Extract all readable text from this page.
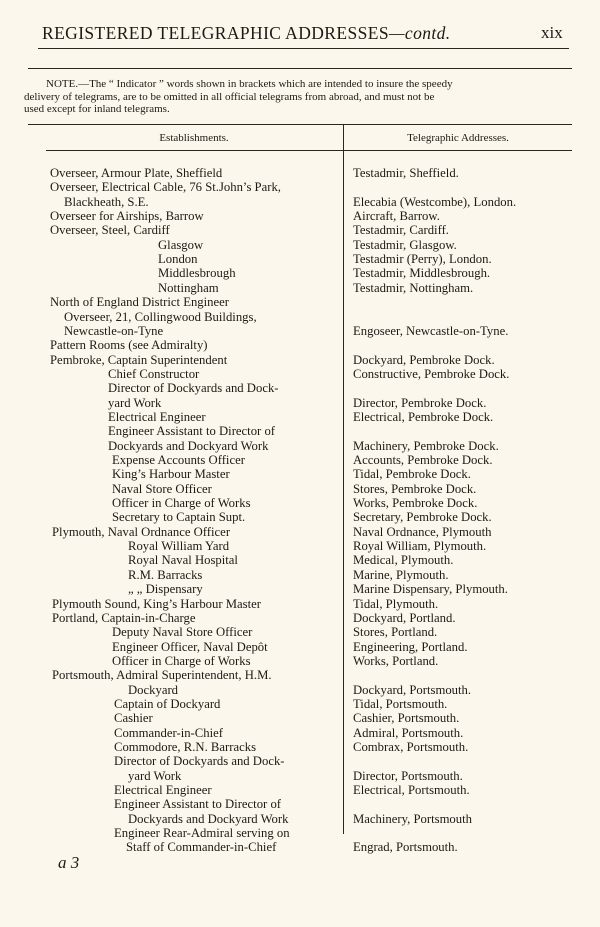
REGISTERED TELEGRAPHIC ADDRESSES—contd.	xix

NOTE.—The “ Indicator ” words shown in brackets which are intended to insure the speedy

delivery of telegrams, are to be omitted in all official telegrams from abroad, and must not be

used except for inland telegrams.

Establishments.	Telegraphic Addresses.
Overseer, Armour Plate, Sheffield
Overseer, Electrical Cable, 76 St.John’s Park,
Blackheath, S.E.
Overseer for Airships, Barrow
Overseer, Steel, Cardiff
Glasgow
London
Middlesbrough
Nottingham
North of England District Engineer
Overseer, 21, Collingwood Buildings,
Newcastle-on-Tyne
Pattern Rooms (see Admiralty)
Pembroke, Captain Superintendent
Chief Constructor
Director of Dockyards and Dock-
yard Work
Electrical Engineer
Engineer Assistant to Director of
Dockyards and Dockyard Work
Expense Accounts Officer
King’s Harbour Master
Naval Store Officer
Officer in Charge of Works
Secretary to Captain Supt.
Plymouth, Naval Ordnance Officer
Royal William Yard
Royal Naval Hospital
R.M. Barracks
„ „ Dispensary
Plymouth Sound, King’s Harbour Master
Portland, Captain-in-Charge
Deputy Naval Store Officer
Engineer Officer, Naval Depôt
Officer in Charge of Works
Portsmouth, Admiral Superintendent, H.M.
Dockyard
Captain of Dockyard
Cashier
Commander-in-Chief
Commodore, R.N. Barracks
Director of Dockyards and Dock-
yard Work
Electrical Engineer
Engineer Assistant to Director of
Dockyards and Dockyard Work
Engineer Rear-Admiral serving on
Staff of Commander-in-Chief
Testadmir, Sheffield.
Elecabia (Westcombe), London.
Aircraft, Barrow.
Testadmir, Cardiff.
Testadmir, Glasgow.
Testadmir (Perry), London.
Testadmir, Middlesbrough.
Testadmir, Nottingham.
Engoseer, Newcastle-on-Tyne.
Dockyard, Pembroke Dock.
Constructive, Pembroke Dock.
Director, Pembroke Dock.
Electrical, Pembroke Dock.
Machinery, Pembroke Dock.
Accounts, Pembroke Dock.
Tidal, Pembroke Dock.
Stores, Pembroke Dock.
Works, Pembroke Dock.
Secretary, Pembroke Dock.
Naval Ordnance, Plymouth
Royal William, Plymouth.
Medical, Plymouth.
Marine, Plymouth.
Marine Dispensary, Plymouth.
Tidal, Plymouth.
Dockyard, Portland.
Stores, Portland.
Engineering, Portland.
Works, Portland.
Dockyard, Portsmouth.
Tidal, Portsmouth.
Cashier, Portsmouth.
Admiral, Portsmouth.
Combrax, Portsmouth.
Director, Portsmouth.
Electrical, Portsmouth.
Machinery, Portsmouth
Engrad, Portsmouth.
a 3
